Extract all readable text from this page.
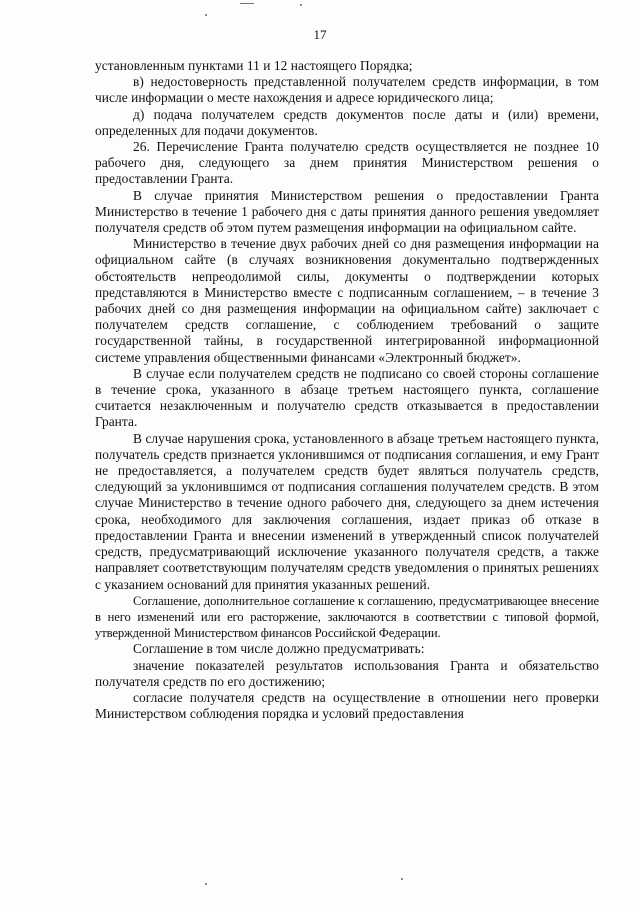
17

установленным пунктами 11 и 12 настоящего Порядка;

в) недостоверность представленной получателем средств информации, в том числе информации о месте нахождения и адресе юридического лица;

д) подача получателем средств документов после даты и (или) времени, определенных для подачи документов.

26. Перечисление Гранта получателю средств осуществляется не позднее 10 рабочего дня, следующего за днем принятия Министерством решения о предоставлении Гранта.

В случае принятия Министерством решения о предоставлении Гранта Министерство в течение 1 рабочего дня с даты принятия данного решения уведомляет получателя средств об этом путем размещения информации на официальном сайте.

Министерство в течение двух рабочих дней со дня размещения информации на официальном сайте (в случаях возникновения документально подтвержденных обстоятельств непреодолимой силы, документы о подтверждении которых представляются в Министерство вместе с подписанным соглашением, – в течение 3 рабочих дней со дня размещения информации на официальном сайте) заключает с получателем средств соглашение, с соблюдением требований о защите государственной тайны, в государственной интегрированной информационной системе управления общественными финансами «Электронный бюджет».

В случае если получателем средств не подписано со своей стороны соглашение в течение срока, указанного в абзаце третьем настоящего пункта, соглашение считается незаключенным и получателю средств отказывается в предоставлении Гранта.

В случае нарушения срока, установленного в абзаце третьем настоящего пункта, получатель средств признается уклонившимся от подписания соглашения, и ему Грант не предоставляется, а получателем средств будет являться получатель средств, следующий за уклонившимся от подписания соглашения получателем средств. В этом случае Министерство в течение одного рабочего дня, следующего за днем истечения срока, необходимого для заключения соглашения, издает приказ об отказе в предоставлении Гранта и внесении изменений в утвержденный список получателей средств, предусматривающий исключение указанного получателя средств, а также направляет соответствующим получателям средств уведомления о принятых решениях с указанием оснований для принятия указанных решений.

Соглашение, дополнительное соглашение к соглашению, предусматривающее внесение в него изменений или его расторжение, заключаются в соответствии с типовой формой, утвержденной Министерством финансов Российской Федерации.

Соглашение в том числе должно предусматривать:

значение показателей результатов использования Гранта и обязательство получателя средств по его достижению;

согласие получателя средств на осуществление в отношении него проверки Министерством соблюдения порядка и условий предоставления
